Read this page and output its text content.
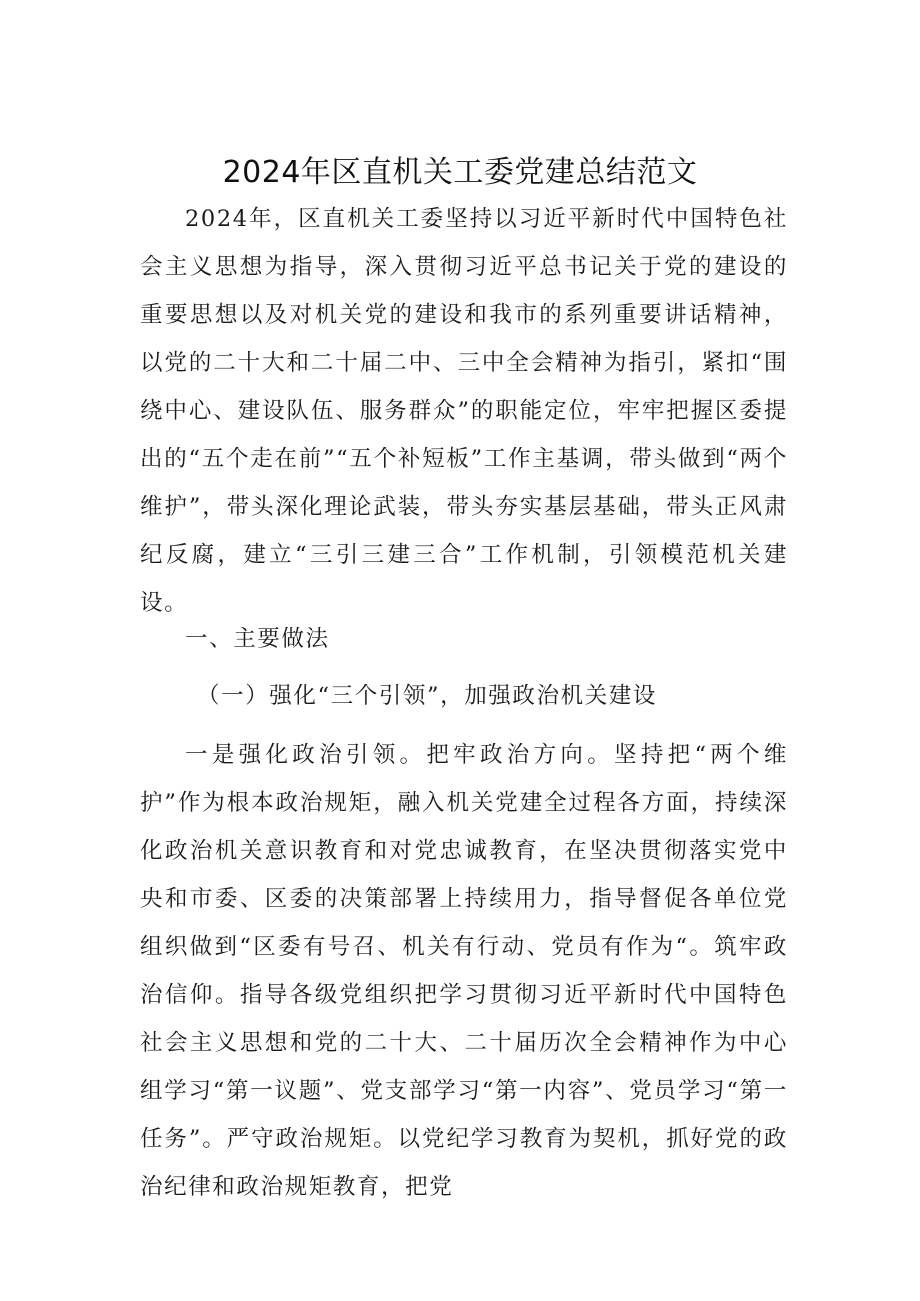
2024年区直机关工委党建总结范文
2024年，区直机关工委坚持以习近平新时代中国特色社会主义思想为指导，深入贯彻习近平总书记关于党的建设的重要思想以及对机关党的建设和我市的系列重要讲话精神，以党的二十大和二十届二中、三中全会精神为指引，紧扣“围绕中心、建设队伍、服务群众”的职能定位，牢牢把握区委提出的“五个走在前”“五个补短板”工作主基调，带头做到“两个维护”，带头深化理论武装，带头夯实基层基础，带头正风肃纪反腐，建立“三引三建三合”工作机制，引领模范机关建设。
一、主要做法
（一）强化“三个引领”，加强政治机关建设
一是强化政治引领。把牢政治方向。坚持把“两个维护”作为根本政治规矩，融入机关党建全过程各方面，持续深化政治机关意识教育和对党忠诚教育，在坚决贯彻落实党中央和市委、区委的决策部署上持续用力，指导督促各单位党组织做到“区委有号召、机关有行动、党员有作为“。筑牢政治信仰。指导各级党组织把学习贯彻习近平新时代中国特色社会主义思想和党的二十大、二十届历次全会精神作为中心组学习“第一议题”、党支部学习“第一内容”、党员学习“第一任务”。严守政治规矩。以党纪学习教育为契机，抓好党的政治纪律和政治规矩教育，把党
